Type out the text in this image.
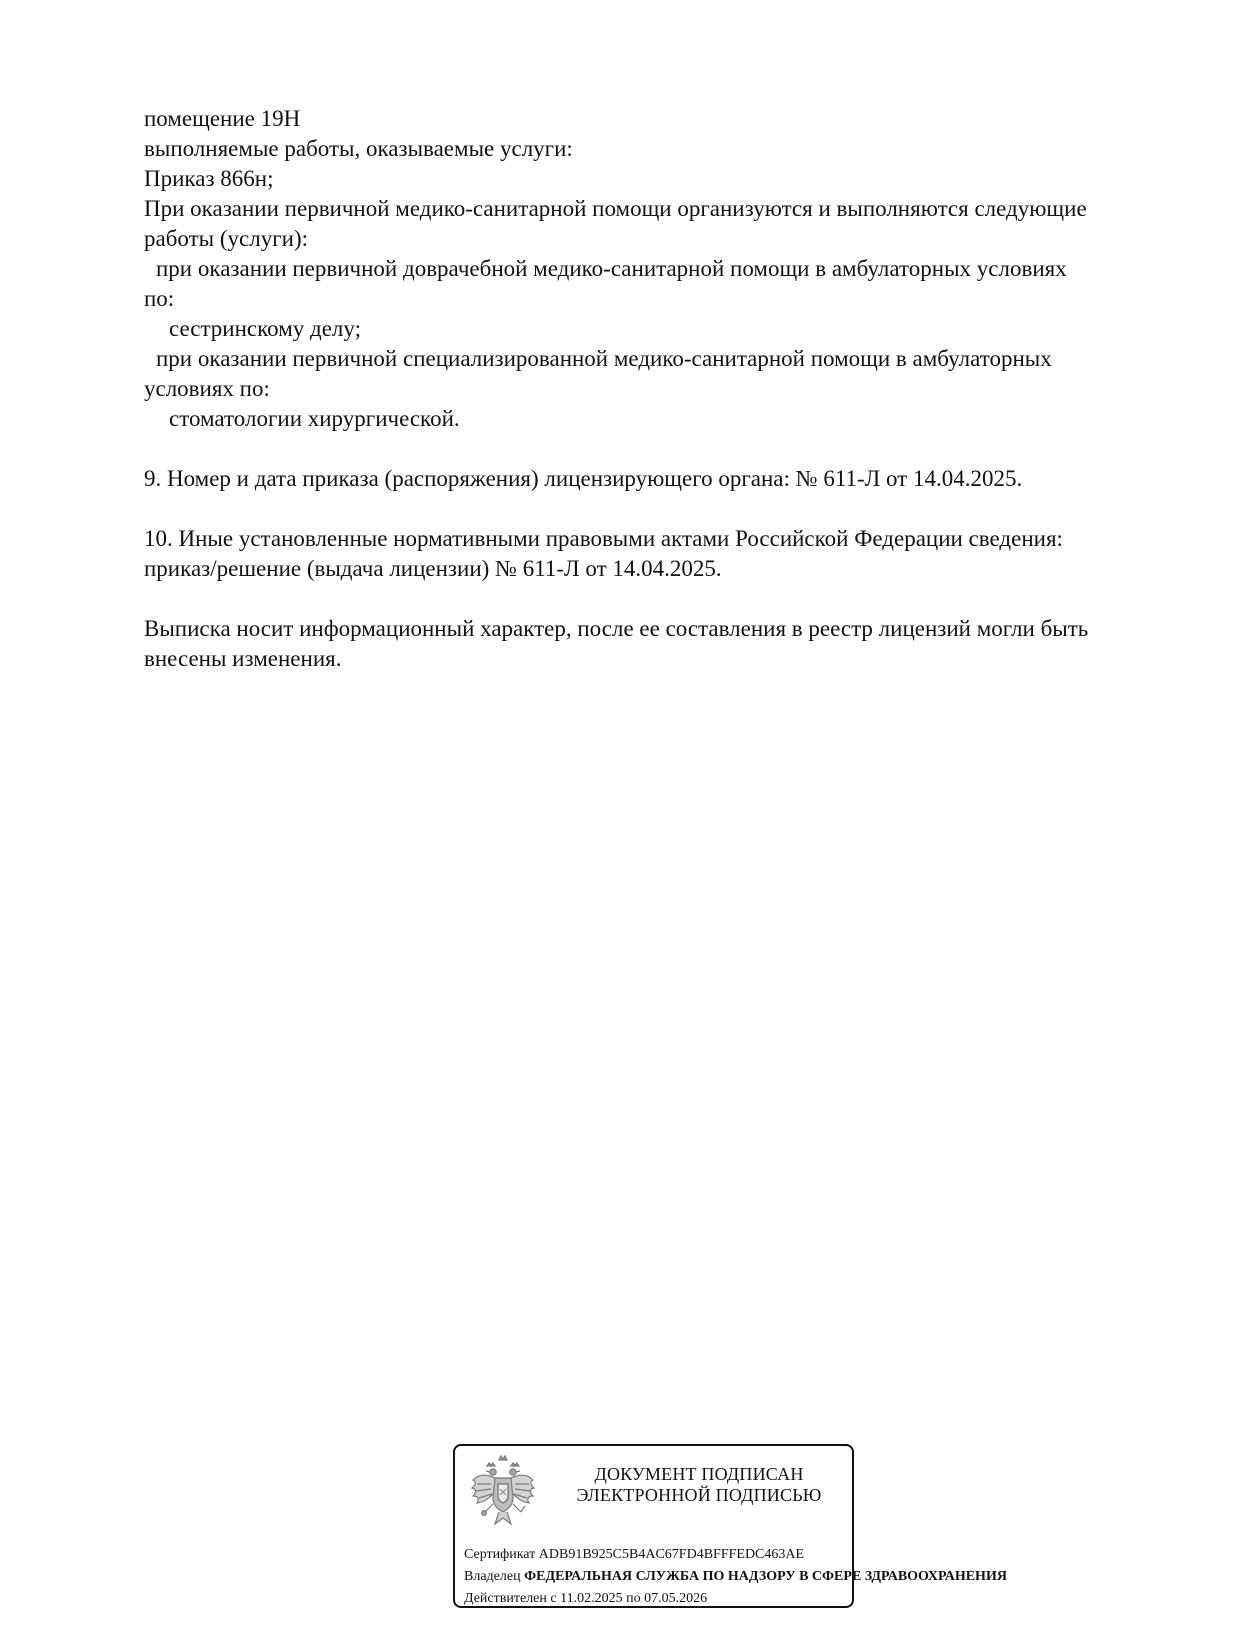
помещение 19Н
выполняемые работы, оказываемые услуги:
Приказ 866н;
При оказании первичной медико-санитарной помощи организуются и выполняются следующие
работы (услуги):
при оказании первичной доврачебной медико-санитарной помощи в амбулаторных условиях
по:
сестринскому делу;
при оказании первичной специализированной медико-санитарной помощи в амбулаторных
условиях по:
стоматологии хирургической.
9. Номер и дата приказа (распоряжения) лицензирующего органа: № 611-Л от 14.04.2025.
10. Иные установленные нормативными правовыми актами Российской Федерации сведения:
приказ/решение (выдача лицензии) № 611-Л от 14.04.2025.
Выписка носит информационный характер, после ее составления в реестр лицензий могли быть
внесены изменения.
ДОКУМЕНТ ПОДПИСАН
ЭЛЕКТРОННОЙ ПОДПИСЬЮ
Сертификат ADB91B925C5B4AC67FD4BFFFEDC463AE
Владелец ФЕДЕРАЛЬНАЯ СЛУЖБА ПО НАДЗОРУ В СФЕРЕ ЗДРАВООХРАНЕНИЯ
Действителен с 11.02.2025 по 07.05.2026
